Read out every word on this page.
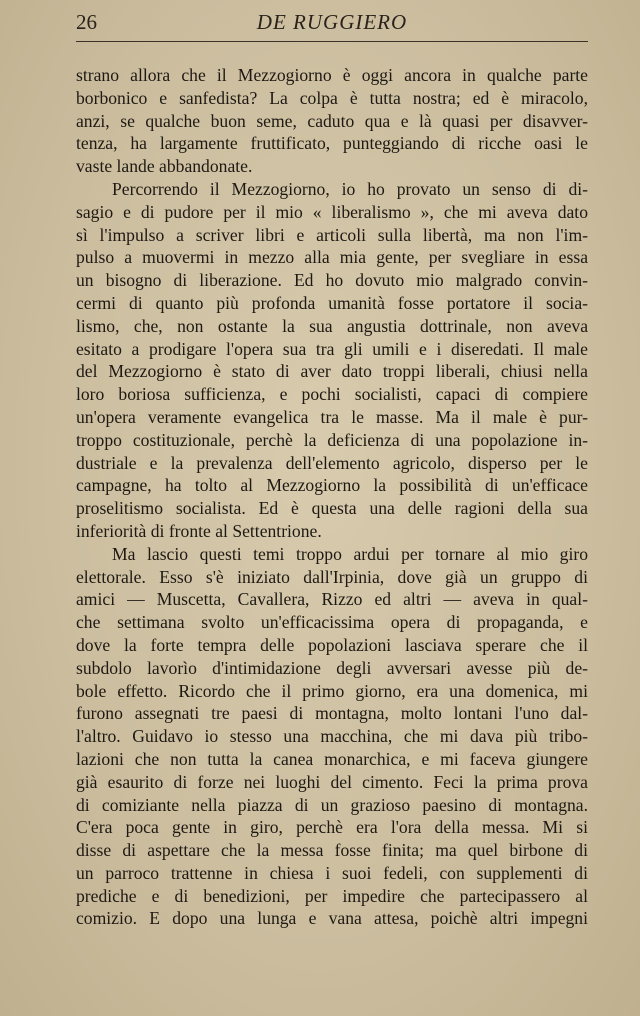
26	DE RUGGIERO
strano allora che il Mezzogiorno è oggi ancora in qualche parte
borbonico e sanfedista? La colpa è tutta nostra; ed è miracolo,
anzi, se qualche buon seme, caduto qua e là quasi per disavver-
tenza, ha largamente fruttificato, punteggiando di ricche oasi le
vaste lande abbandonate.
Percorrendo il Mezzogiorno, io ho provato un senso di di-
sagio e di pudore per il mio « liberalismo », che mi aveva dato
sì l'impulso a scriver libri e articoli sulla libertà, ma non l'im-
pulso a muovermi in mezzo alla mia gente, per svegliare in essa
un bisogno di liberazione. Ed ho dovuto mio malgrado convin-
cermi di quanto più profonda umanità fosse portatore il socia-
lismo, che, non ostante la sua angustia dottrinale, non aveva
esitato a prodigare l'opera sua tra gli umili e i diseredati. Il male
del Mezzogiorno è stato di aver dato troppi liberali, chiusi nella
loro boriosa sufficienza, e pochi socialisti, capaci di compiere
un'opera veramente evangelica tra le masse. Ma il male è pur-
troppo costituzionale, perchè la deficienza di una popolazione in-
dustriale e la prevalenza dell'elemento agricolo, disperso per le
campagne, ha tolto al Mezzogiorno la possibilità di un'efficace
proselitismo socialista. Ed è questa una delle ragioni della sua
inferiorità di fronte al Settentrione.
Ma lascio questi temi troppo ardui per tornare al mio giro
elettorale. Esso s'è iniziato dall'Irpinia, dove già un gruppo di
amici — Muscetta, Cavallera, Rizzo ed altri — aveva in qual-
che settimana svolto un'efficacissima opera di propaganda, e
dove la forte tempra delle popolazioni lasciava sperare che il
subdolo lavorìo d'intimidazione degli avversari avesse più de-
bole effetto. Ricordo che il primo giorno, era una domenica, mi
furono assegnati tre paesi di montagna, molto lontani l'uno dal-
l'altro. Guidavo io stesso una macchina, che mi dava più tribo-
lazioni che non tutta la canea monarchica, e mi faceva giungere
già esaurito di forze nei luoghi del cimento. Feci la prima prova
di comiziante nella piazza di un grazioso paesino di montagna.
C'era poca gente in giro, perchè era l'ora della messa. Mi si
disse di aspettare che la messa fosse finita; ma quel birbone di
un parroco trattenne in chiesa i suoi fedeli, con supplementi di
prediche e di benedizioni, per impedire che partecipassero al
comizio. E dopo una lunga e vana attesa, poichè altri impegni
